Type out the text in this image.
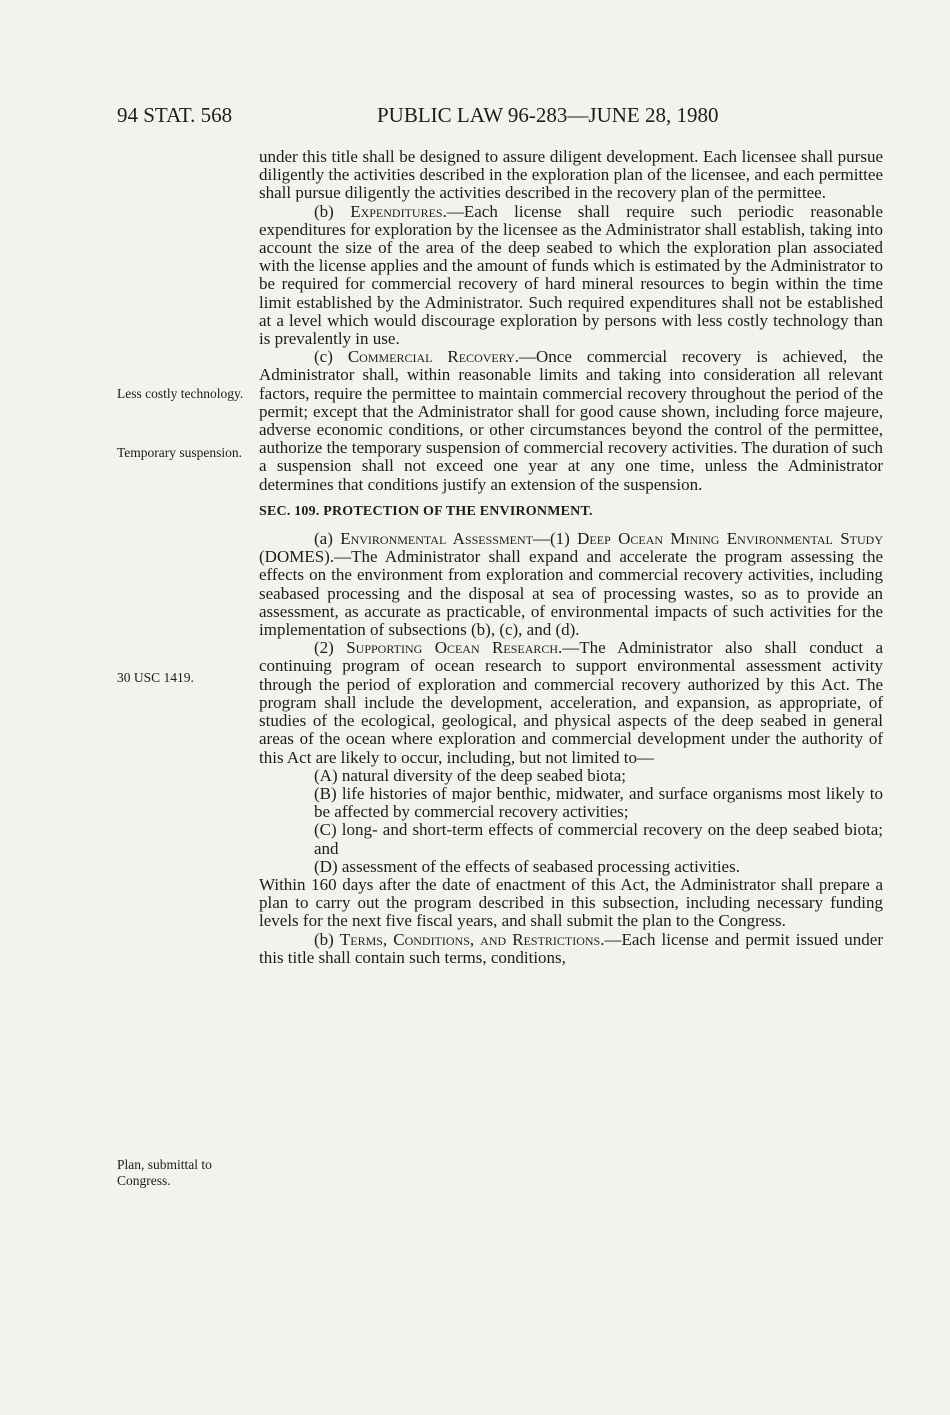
94 STAT. 568	PUBLIC LAW 96-283—JUNE 28, 1980
Less costly technology.
Temporary suspension.
30 USC 1419.
Plan, submittal to Congress.

under this title shall be designed to assure diligent development. Each licensee shall pursue diligently the activities described in the exploration plan of the licensee, and each permittee shall pursue diligently the activities described in the recovery plan of the permittee.

(b) Expenditures.—Each license shall require such periodic reasonable expenditures for exploration by the licensee as the Administrator shall establish, taking into account the size of the area of the deep seabed to which the exploration plan associated with the license applies and the amount of funds which is estimated by the Administrator to be required for commercial recovery of hard mineral resources to begin within the time limit established by the Administrator. Such required expenditures shall not be established at a level which would discourage exploration by persons with less costly technology than is prevalently in use.

(c) Commercial Recovery.—Once commercial recovery is achieved, the Administrator shall, within reasonable limits and taking into consideration all relevant factors, require the permittee to maintain commercial recovery throughout the period of the permit; except that the Administrator shall for good cause shown, including force majeure, adverse economic conditions, or other circumstances beyond the control of the permittee, authorize the temporary suspension of commercial recovery activities. The duration of such a suspension shall not exceed one year at any one time, unless the Administrator determines that conditions justify an extension of the suspension.

SEC. 109. PROTECTION OF THE ENVIRONMENT.

(a) Environmental Assessment—(1) Deep Ocean Mining Environmental Study (DOMES).—The Administrator shall expand and accelerate the program assessing the effects on the environment from exploration and commercial recovery activities, including seabased processing and the disposal at sea of processing wastes, so as to provide an assessment, as accurate as practicable, of environmental impacts of such activities for the implementation of subsections (b), (c), and (d).

(2) Supporting Ocean Research.—The Administrator also shall conduct a continuing program of ocean research to support environmental assessment activity through the period of exploration and commercial recovery authorized by this Act. The program shall include the development, acceleration, and expansion, as appropriate, of studies of the ecological, geological, and physical aspects of the deep seabed in general areas of the ocean where exploration and commercial development under the authority of this Act are likely to occur, including, but not limited to—

(A) natural diversity of the deep seabed biota;

(B) life histories of major benthic, midwater, and surface organisms most likely to be affected by commercial recovery activities;

(C) long- and short-term effects of commercial recovery on the deep seabed biota; and

(D) assessment of the effects of seabased processing activities.

Within 160 days after the date of enactment of this Act, the Administrator shall prepare a plan to carry out the program described in this subsection, including necessary funding levels for the next five fiscal years, and shall submit the plan to the Congress.

(b) Terms, Conditions, and Restrictions.—Each license and permit issued under this title shall contain such terms, conditions,
